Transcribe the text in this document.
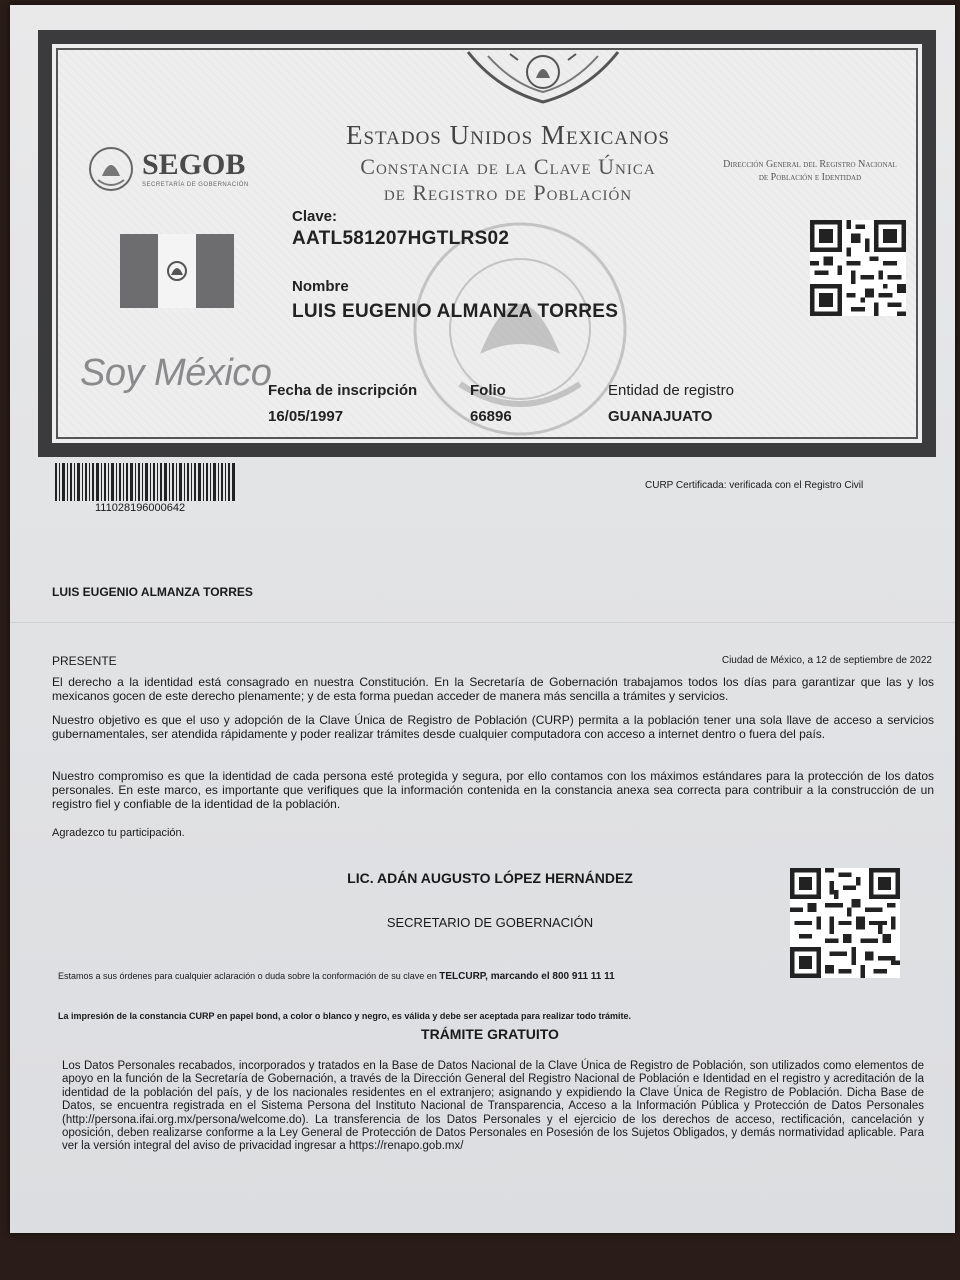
Estados Unidos Mexicanos
Constancia de la Clave Única
de Registro de Población
Dirección General del Registro Nacional de Población e Identidad
SEGOB
SECRETARÍA DE GOBERNACIÓN
Soy México
Clave:
AATL581207HGTLRS02
Nombre
LUIS EUGENIO ALMANZA TORRES
Fecha de inscripción
16/05/1997
Folio
66896
Entidad de registro
GUANAJUATO
111028196000642
CURP Certificada: verificada con el Registro Civil
LUIS EUGENIO ALMANZA TORRES
PRESENTE	Ciudad de México, a 12 de septiembre de 2022
El derecho a la identidad está consagrado en nuestra Constitución. En la Secretaría de Gobernación trabajamos todos los días para garantizar que las y los mexicanos gocen de este derecho plenamente; y de esta forma puedan acceder de manera más sencilla a trámites y servicios.
Nuestro objetivo es que el uso y adopción de la Clave Única de Registro de Población (CURP) permita a la población tener una sola llave de acceso a servicios gubernamentales, ser atendida rápidamente y poder realizar trámites desde cualquier computadora con acceso a internet dentro o fuera del país.
Nuestro compromiso es que la identidad de cada persona esté protegida y segura, por ello contamos con los máximos estándares para la protección de los datos personales. En este marco, es importante que verifiques que la información contenida en la constancia anexa sea correcta para contribuir a la construcción de un registro fiel y confiable de la identidad de la población.
Agradezco tu participación.
LIC. ADÁN AUGUSTO LÓPEZ HERNÁNDEZ
SECRETARIO DE GOBERNACIÓN
Estamos a sus órdenes para cualquier aclaración o duda sobre la conformación de su clave en TELCURP, marcando el 800 911 11 11
La impresión de la constancia CURP en papel bond, a color o blanco y negro, es válida y debe ser aceptada para realizar todo trámite.
TRÁMITE GRATUITO
Los Datos Personales recabados, incorporados y tratados en la Base de Datos Nacional de la Clave Única de Registro de Población, son utilizados como elementos de apoyo en la función de la Secretaría de Gobernación, a través de la Dirección General del Registro Nacional de Población e Identidad en el registro y acreditación de la identidad de la población del país, y de los nacionales residentes en el extranjero; asignando y expidiendo la Clave Única de Registro de Población. Dicha Base de Datos, se encuentra registrada en el Sistema Persona del Instituto Nacional de Transparencia, Acceso a la Información Pública y Protección de Datos Personales (http://persona.ifai.org.mx/persona/welcome.do). La transferencia de los Datos Personales y el ejercicio de los derechos de acceso, rectificación, cancelación y oposición, deben realizarse conforme a la Ley General de Protección de Datos Personales en Posesión de los Sujetos Obligados, y demás normatividad aplicable. Para ver la versión integral del aviso de privacidad ingresar a https://renapo.gob.mx/
